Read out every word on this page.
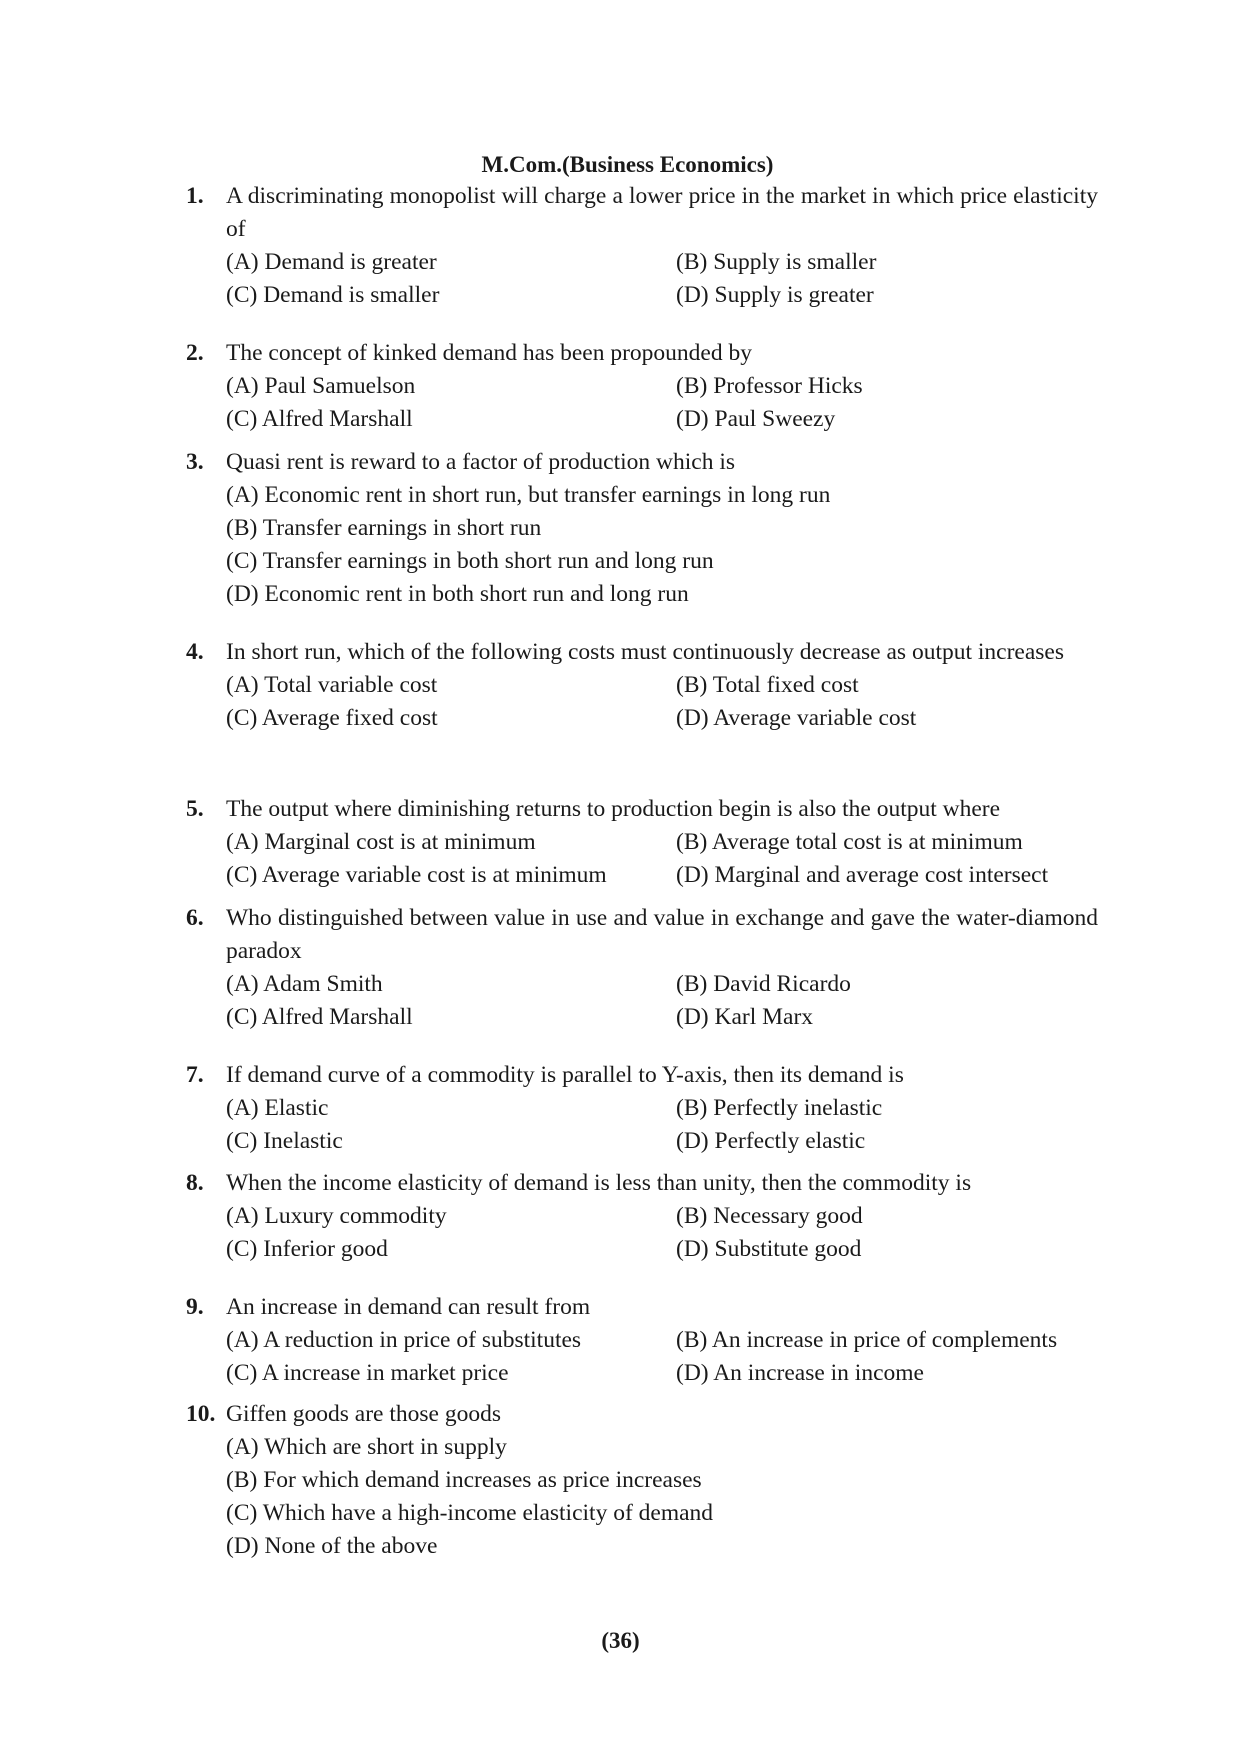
M.Com.(Business Economics)
1. A discriminating monopolist will charge a lower price in the market in which price elasticity of
(A) Demand is greater	(B) Supply is smaller
(C) Demand is smaller	(D) Supply is greater
2. The concept of kinked demand has been propounded by
(A) Paul Samuelson	(B) Professor Hicks
(C) Alfred Marshall	(D) Paul Sweezy
3. Quasi rent is reward to a factor of production which is
(A) Economic rent in short run, but transfer earnings in long run
(B) Transfer earnings in short run
(C) Transfer earnings in both short run and long run
(D) Economic rent in both short run and long run
4. In short run, which of the following costs must continuously decrease as output increases
(A) Total variable cost	(B) Total fixed cost
(C) Average fixed cost	(D) Average variable cost
5. The output where diminishing returns to production begin is also the output where
(A) Marginal cost is at minimum	(B) Average total cost is at minimum
(C) Average variable cost is at minimum	(D) Marginal and average cost intersect
6. Who distinguished between value in use and value in exchange and gave the water-diamond paradox
(A) Adam Smith	(B) David Ricardo
(C) Alfred Marshall	(D) Karl Marx
7. If demand curve of a commodity is parallel to Y-axis, then its demand is
(A) Elastic	(B) Perfectly inelastic
(C) Inelastic	(D) Perfectly elastic
8. When the income elasticity of demand is less than unity, then the commodity is
(A) Luxury commodity	(B) Necessary good
(C) Inferior good	(D) Substitute good
9. An increase in demand can result from
(A) A reduction in price of substitutes	(B) An increase in price of complements
(C) A increase in market price	(D) An increase in income
10. Giffen goods are those goods
(A) Which are short in supply
(B) For which demand increases as price increases
(C) Which have a high-income elasticity of demand
(D) None of the above
(36)
